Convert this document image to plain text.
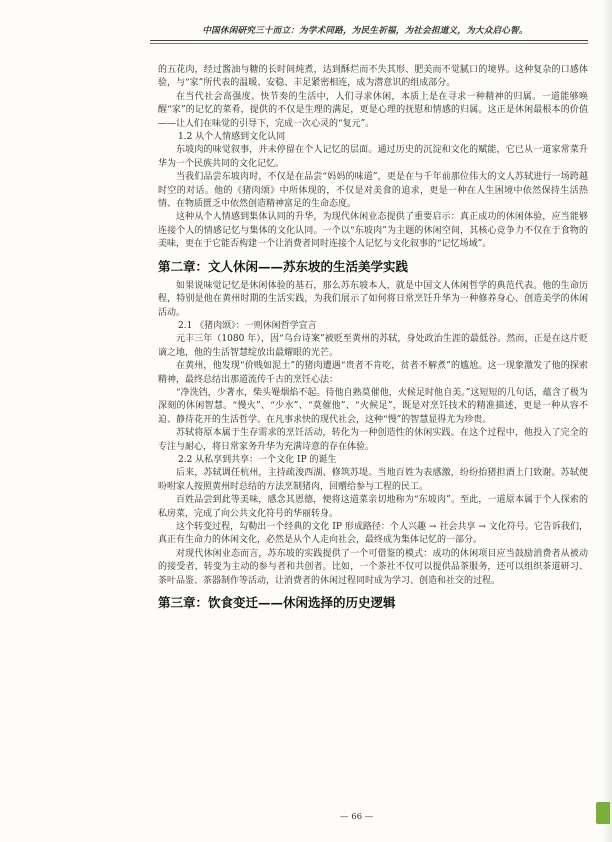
中国休闲研究三十而立：为学术同路，为民生祈福，为社会担道义，为大众启心智。

的五花肉，经过酱油与糖的长时间炖煮，达到酥烂而不失其形、肥美而不觉腻口的境界。这种复杂的口感体验，与“家”所代表的温暖、安稳、丰足紧密相连，成为潜意识的组成部分。

在当代社会高强度、快节奏的生活中，人们寻求休闲，本质上是在寻求一种精神的归属。一道能够唤醒“家”的记忆的菜肴，提供的不仅是生理的满足，更是心理的抚慰和情感的归属。这正是休闲最根本的价值——让人们在味觉的引导下，完成一次心灵的“复元”。

1.2 从个人情感到文化认同

东坡肉的味觉叙事，并未停留在个人记忆的层面。通过历史的沉淀和文化的赋能，它已从一道家常菜升华为一个民族共同的文化记忆。

当我们品尝东坡肉时，不仅是在品尝“妈妈的味道”，更是在与千年前那位伟大的文人苏轼进行一场跨越时空的对话。他的《猪肉颂》中所体现的，不仅是对美食的追求，更是一种在人生困境中依然保持生活热情、在物质匮乏中依然创造精神富足的生命态度。

这种从个人情感到集体认同的升华，为现代休闲业态提供了重要启示：真正成功的休闲体验，应当能够连接个人的情感记忆与集体的文化认同。一个以“东坡肉”为主题的休闲空间，其核心竞争力不仅在于食物的美味，更在于它能否构建一个让消费者同时连接个人记忆与文化叙事的“记忆场域”。

第二章：文人休闲——苏东坡的生活美学实践

如果说味觉记忆是休闲体验的基石，那么苏东坡本人，就是中国文人休闲哲学的典范代表。他的生命历程，特别是他在黄州时期的生活实践，为我们展示了如何将日常烹饪升华为一种修养身心、创造美学的休闲活动。

2.1 《猪肉颂》：一则休闲哲学宣言

元丰三年（1080 年），因“乌台诗案”被贬至黄州的苏轼，身处政治生涯的最低谷。然而，正是在这片贬谪之地，他的生活智慧绽放出最耀眼的光芒。

在黄州，他发现“价贱如泥土”的猪肉遭遇“贵者不肯吃，贫者不解煮”的尴尬。这一现象激发了他的探索精神，最终总结出那道流传千古的烹饪心法：

“净洗铛，少著水，柴头罨烟焰不起。待他自熟莫催他，火候足时他自美。”这短短的几句话，蕴含了极为深刻的休闲智慧。“慢火”、“少水”、“莫催他”、“火候足”，既是对烹饪技术的精准描述，更是一种从容不迫、静待花开的生活哲学。在凡事求快的现代社会，这种“慢”的智慧显得尤为珍贵。

苏轼将原本属于生存需求的烹饪活动，转化为一种创造性的休闲实践。在这个过程中，他投入了完全的专注与耐心，将日常家务升华为充满诗意的存在体验。

2.2 从私享到共享：一个文化 IP 的诞生

后来，苏轼调任杭州，主持疏浚西湖、修筑苏堤。当地百姓为表感激，纷纷抬猪担酒上门致谢。苏轼便吩咐家人按照黄州时总结的方法烹制猪肉，回赠给参与工程的民工。

百姓品尝到此等美味，感念其恩德，便将这道菜亲切地称为“东坡肉”。至此，一道原本属于个人探索的私房菜，完成了向公共文化符号的华丽转身。

这个转变过程，勾勒出一个经典的文化 IP 形成路径：个人兴趣 → 社会共享 → 文化符号。它告诉我们，真正有生命力的休闲文化，必然是从个人走向社会，最终成为集体记忆的一部分。

对现代休闲业态而言，苏东坡的实践提供了一个可借鉴的模式：成功的休闲项目应当鼓励消费者从被动的接受者，转变为主动的参与者和共创者。比如，一个茶社不仅可以提供品茶服务，还可以组织茶道研习、茶叶品鉴、茶器制作等活动，让消费者的休闲过程同时成为学习、创造和社交的过程。

第三章：饮食变迁——休闲选择的历史逻辑

— 66 —
